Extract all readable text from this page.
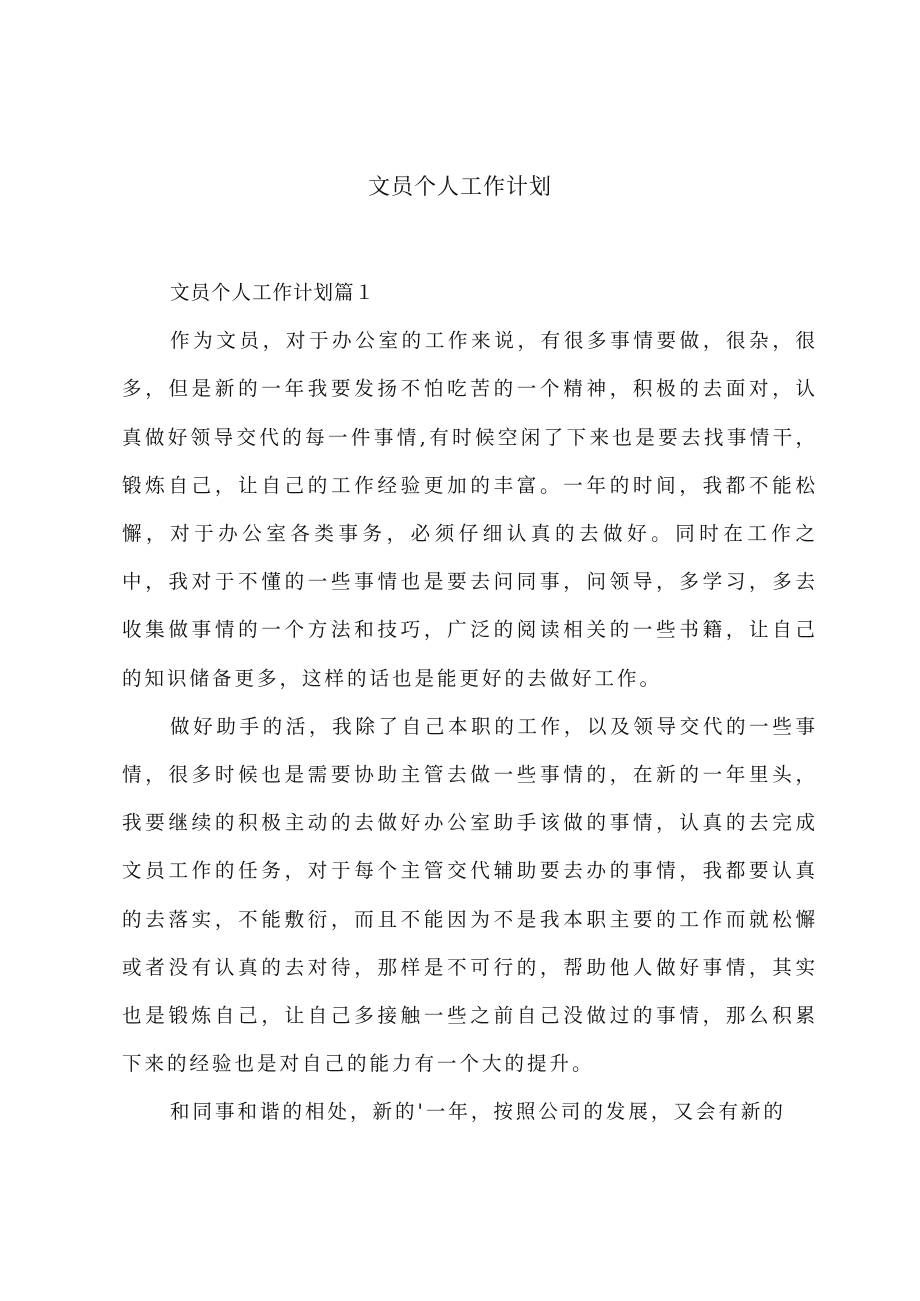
文员个人工作计划

文员个人工作计划篇１

作为文员，对于办公室的工作来说，有很多事情要做，很杂，很多，但是新的一年我要发扬不怕吃苦的一个精神，积极的去面对，认真做好领导交代的每一件事情,有时候空闲了下来也是要去找事情干，锻炼自己，让自己的工作经验更加的丰富。一年的时间，我都不能松懈，对于办公室各类事务，必须仔细认真的去做好。同时在工作之中，我对于不懂的一些事情也是要去问同事，问领导，多学习，多去收集做事情的一个方法和技巧，广泛的阅读相关的一些书籍，让自己的知识储备更多，这样的话也是能更好的去做好工作。

做好助手的活，我除了自己本职的工作，以及领导交代的一些事情，很多时候也是需要协助主管去做一些事情的，在新的一年里头，我要继续的积极主动的去做好办公室助手该做的事情，认真的去完成文员工作的任务，对于每个主管交代辅助要去办的事情，我都要认真的去落实，不能敷衍，而且不能因为不是我本职主要的工作而就松懈或者没有认真的去对待，那样是不可行的，帮助他人做好事情，其实也是锻炼自己，让自己多接触一些之前自己没做过的事情，那么积累下来的经验也是对自己的能力有一个大的提升。

和同事和谐的相处，新的'一年，按照公司的发展，又会有新的
